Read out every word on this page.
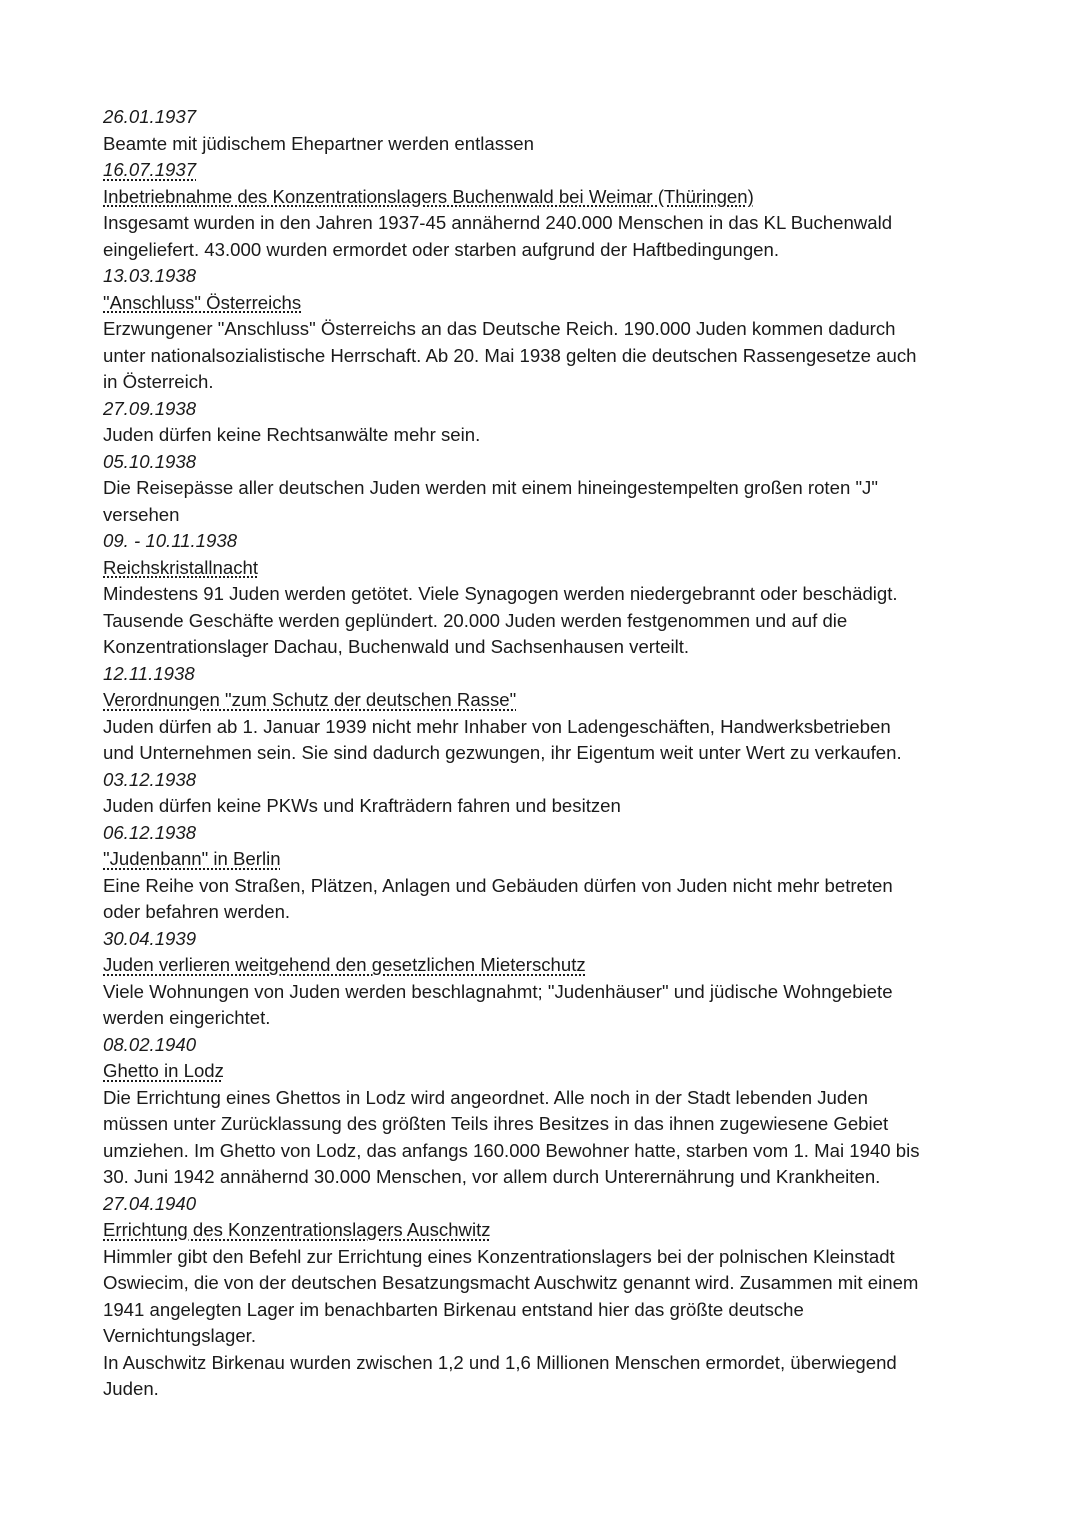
26.01.1937
Beamte mit jüdischem Ehepartner werden entlassen
16.07.1937
Inbetriebnahme des Konzentrationslagers Buchenwald bei Weimar (Thüringen)
Insgesamt wurden in den Jahren 1937-45 annähernd 240.000 Menschen in das KL Buchenwald
eingeliefert. 43.000 wurden ermordet oder starben aufgrund der Haftbedingungen.
13.03.1938
"Anschluss" Österreichs
Erzwungener "Anschluss" Österreichs an das Deutsche Reich. 190.000 Juden kommen dadurch
unter nationalsozialistische Herrschaft. Ab 20. Mai 1938 gelten die deutschen Rassengesetze auch
in Österreich.
27.09.1938
Juden dürfen keine Rechtsanwälte mehr sein.
05.10.1938
Die Reisepässe aller deutschen Juden werden mit einem hineingestempelten großen roten "J"
versehen
09. - 10.11.1938
Reichskristallnacht
Mindestens 91 Juden werden getötet. Viele Synagogen werden niedergebrannt oder beschädigt.
Tausende Geschäfte werden geplündert. 20.000 Juden werden festgenommen und auf die
Konzentrationslager Dachau, Buchenwald und Sachsenhausen verteilt.
12.11.1938
Verordnungen "zum Schutz der deutschen Rasse"
Juden dürfen ab 1. Januar 1939 nicht mehr Inhaber von Ladengeschäften, Handwerksbetrieben
und Unternehmen sein. Sie sind dadurch gezwungen, ihr Eigentum weit unter Wert zu verkaufen.
03.12.1938
Juden dürfen keine PKWs und Krafträdern fahren und besitzen
06.12.1938
"Judenbann" in Berlin
Eine Reihe von Straßen, Plätzen, Anlagen und Gebäuden dürfen von Juden nicht mehr betreten
oder befahren werden.
30.04.1939
Juden verlieren weitgehend den gesetzlichen Mieterschutz
Viele Wohnungen von Juden werden beschlagnahmt; "Judenhäuser" und jüdische Wohngebiete
werden eingerichtet.
08.02.1940
Ghetto in Lodz
Die Errichtung eines Ghettos in Lodz wird angeordnet. Alle noch in der Stadt lebenden Juden
müssen unter Zurücklassung des größten Teils ihres Besitzes in das ihnen zugewiesene Gebiet
umziehen. Im Ghetto von Lodz, das anfangs 160.000 Bewohner hatte, starben vom 1. Mai 1940 bis
30. Juni 1942 annähernd 30.000 Menschen, vor allem durch Unterernährung und Krankheiten.
27.04.1940
Errichtung des Konzentrationslagers Auschwitz
Himmler gibt den Befehl zur Errichtung eines Konzentrationslagers bei der polnischen Kleinstadt
Oswiecim, die von der deutschen Besatzungsmacht Auschwitz genannt wird. Zusammen mit einem
1941 angelegten Lager im benachbarten Birkenau entstand hier das größte deutsche
Vernichtungslager.
In Auschwitz Birkenau wurden zwischen 1,2 und 1,6 Millionen Menschen ermordet, überwiegend
Juden.
